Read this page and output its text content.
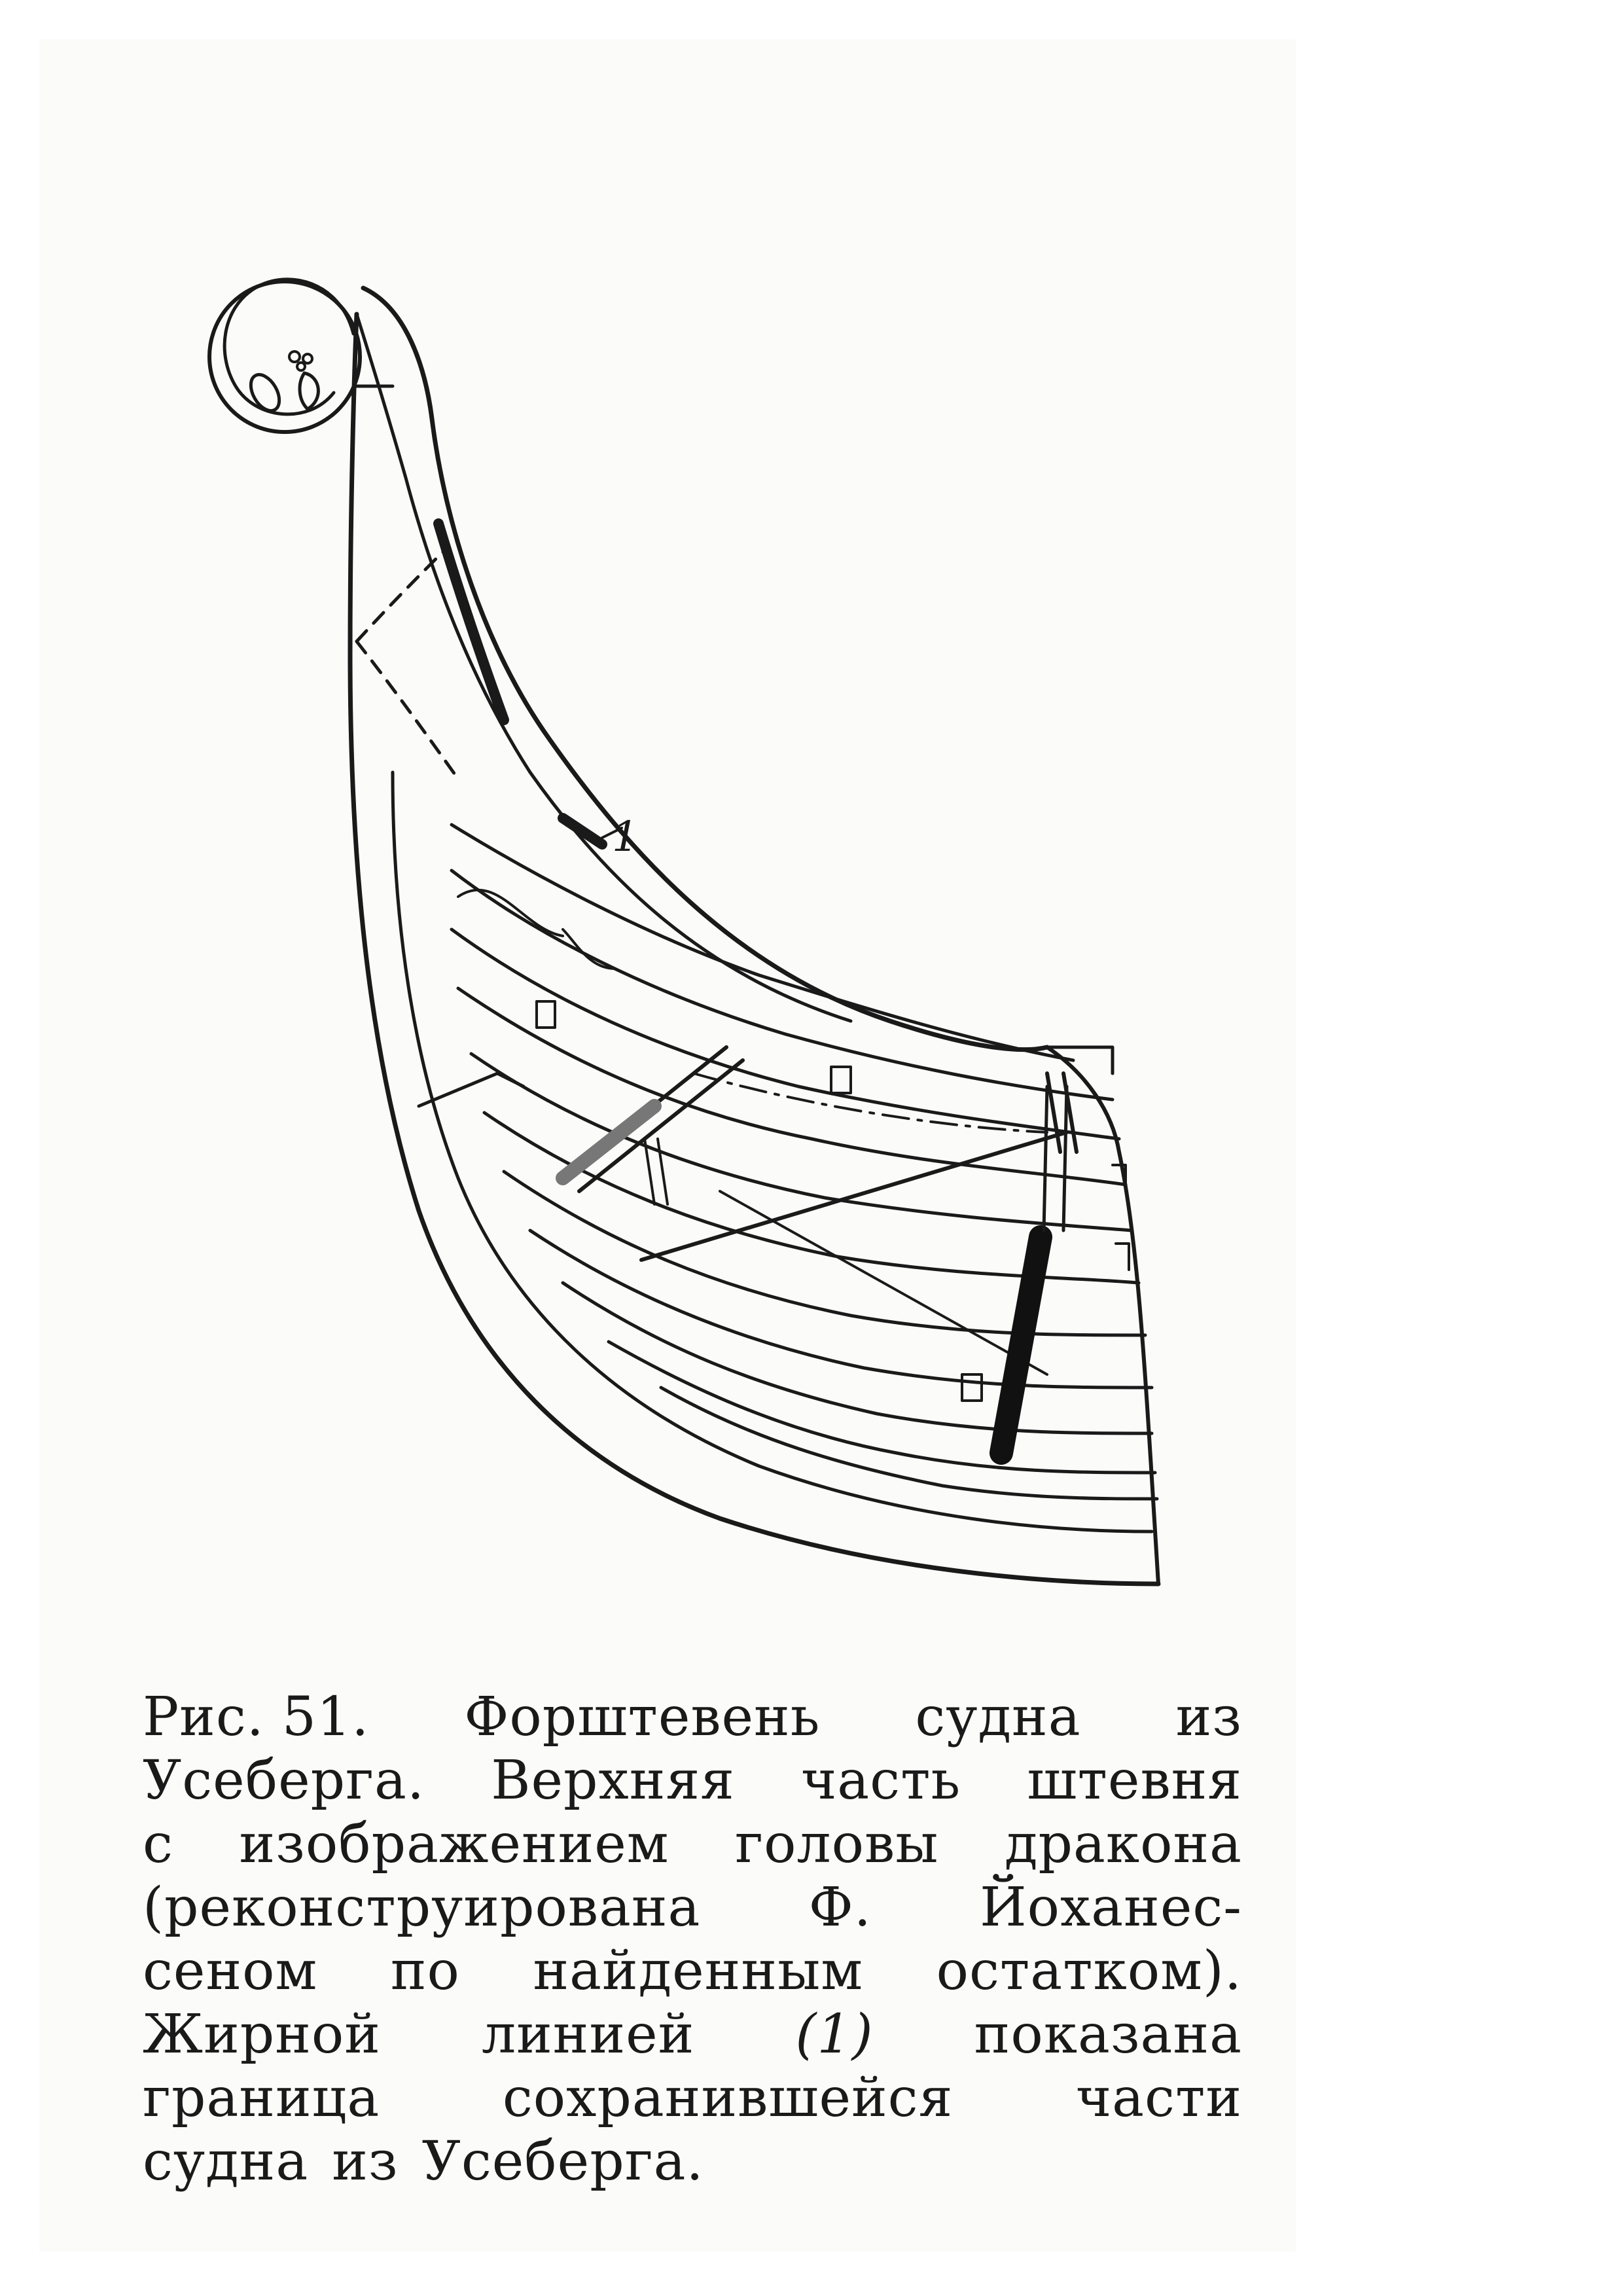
1
Рис. 51. Форштевень судна из
Усеберга. Верхняя часть штевня
с изображением головы дракона
(реконструирована Ф. Йоханес-
сеном по найденным остатком).
Жирной линией (1) показана
граница сохранившейся части
судна из Усеберга.
